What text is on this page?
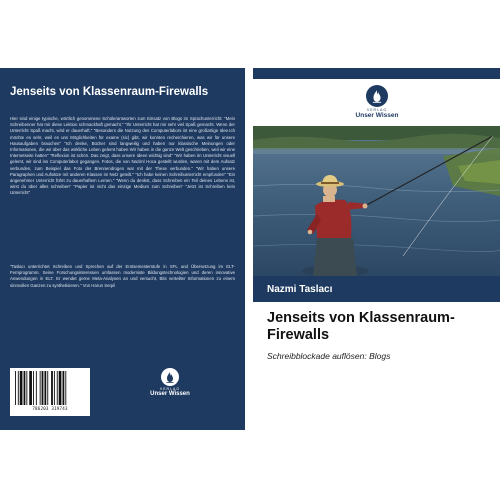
Jenseits von Klassenraum-Firewalls
Hier sind einige typische, wörtlich genommene Schülerantworten zum Einsatz von Blogs im Sprachunterricht: "Mein Schreibenner hat mir diese Lektion schmackhaft gemacht." "Ihr Unterricht hat mir sehr viel Spaß gemacht. Wenn der Unterricht Spaß macht, wird er dauerhaft." "Besonders die Nutzung des Computerlabors ist eine großartige Idee.Ich möchte es sehr, weil es uns Möglichkeiten für exame (sic) gibt, wir konnten recherchieren, was wir für unsere Hausaufgaben brauchen" "Ich denke, Bücher sind langweilig und haben nur klassische Meinungen oder Informationen, die wir über das wirkliche Leben gelernt haben Wir haben in die ganze Welt geschrieben, weil wir eine Internetseite hatten" "Reflexion ist schön. Das zeigt, dass unsere Ideen wichtig sind" "Wir haben im Unterricht visuell gelernt, wir sind ins Computerlabor gegangen. Fotos, die von Naziml Hoca gestellt wurden, waren mit dem Aufsatz verbunden, zum Beispiel das Foto der Brennendrogen war mit der These verbunden." "Wir haben unsere Paragraphen und Aufsätze mit anderen Klassen im Netz geteilt." "Ich habe keinen Schreibunterricht empfunden" "Ein angenehmer Unterricht führt zu dauerhaftem Lernen." "Wenn du denkst, dass Schreiben ein Teil deines Lebens ist, wirst du über alles schreiben" "Papier ist nicht das einzige Medium zum Schreiben" "Jetzt ist Schreiben kein Unterricht"
"Taslacı unterrichtet Schreiben und Sprechen auf der Erstsemesterstufe in SFL und Übersetzung im ELT-Fernprogramm. Seine Forschungsinteressen umfassen moderniste Bildungstechnologien und deren innovative Anwendungen in ELT. Er wendet gerne Meta-Analysen an und versucht, Bits verteilter Informationen zu einem sinnvollen Ganzen zu synthetisieren." Von Harun Serpil
786203 319743
VERLAG
Unser Wissen
VERLAG
Unser Wissen
Nazmi Taslacı
Jenseits von Klassenraum-Firewalls
Schreibblockade auflösen: Blogs
